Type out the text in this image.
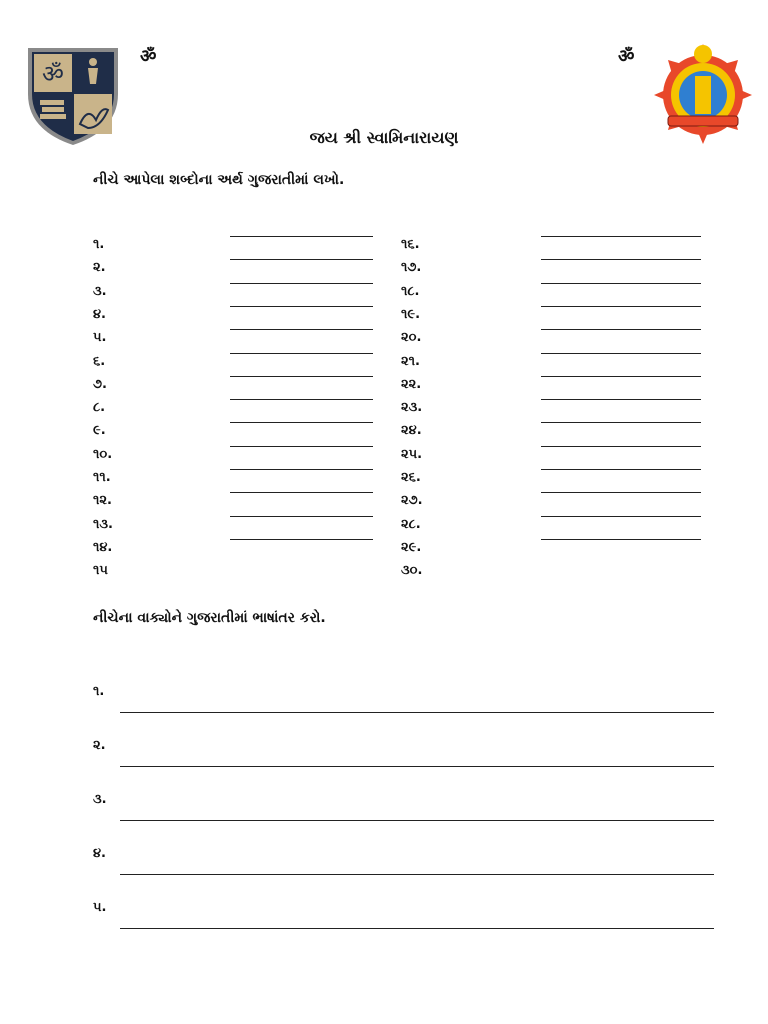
ॐ
ॐ	ॐ
જય શ્રી સ્વામિનારાયણ
નીચે આપેલા શબ્દોના અર્થ ગુજરાતીમાં લખો.
૧.
૨.
૩.
૪.
૫.
૬.
૭.
૮.
૯.
૧૦.
૧૧.
૧૨.
૧૩.
૧૪.
૧૫
૧૬.
૧૭.
૧૮.
૧૯.
૨૦.
૨૧.
૨૨.
૨૩.
૨૪.
૨૫.
૨૬.
૨૭.
૨૮.
૨૯.
૩૦.
નીચેના વાક્યોને ગુજરાતીમાં ભાષાંતર કરો.
૧.
૨.
૩.
૪.
૫.
